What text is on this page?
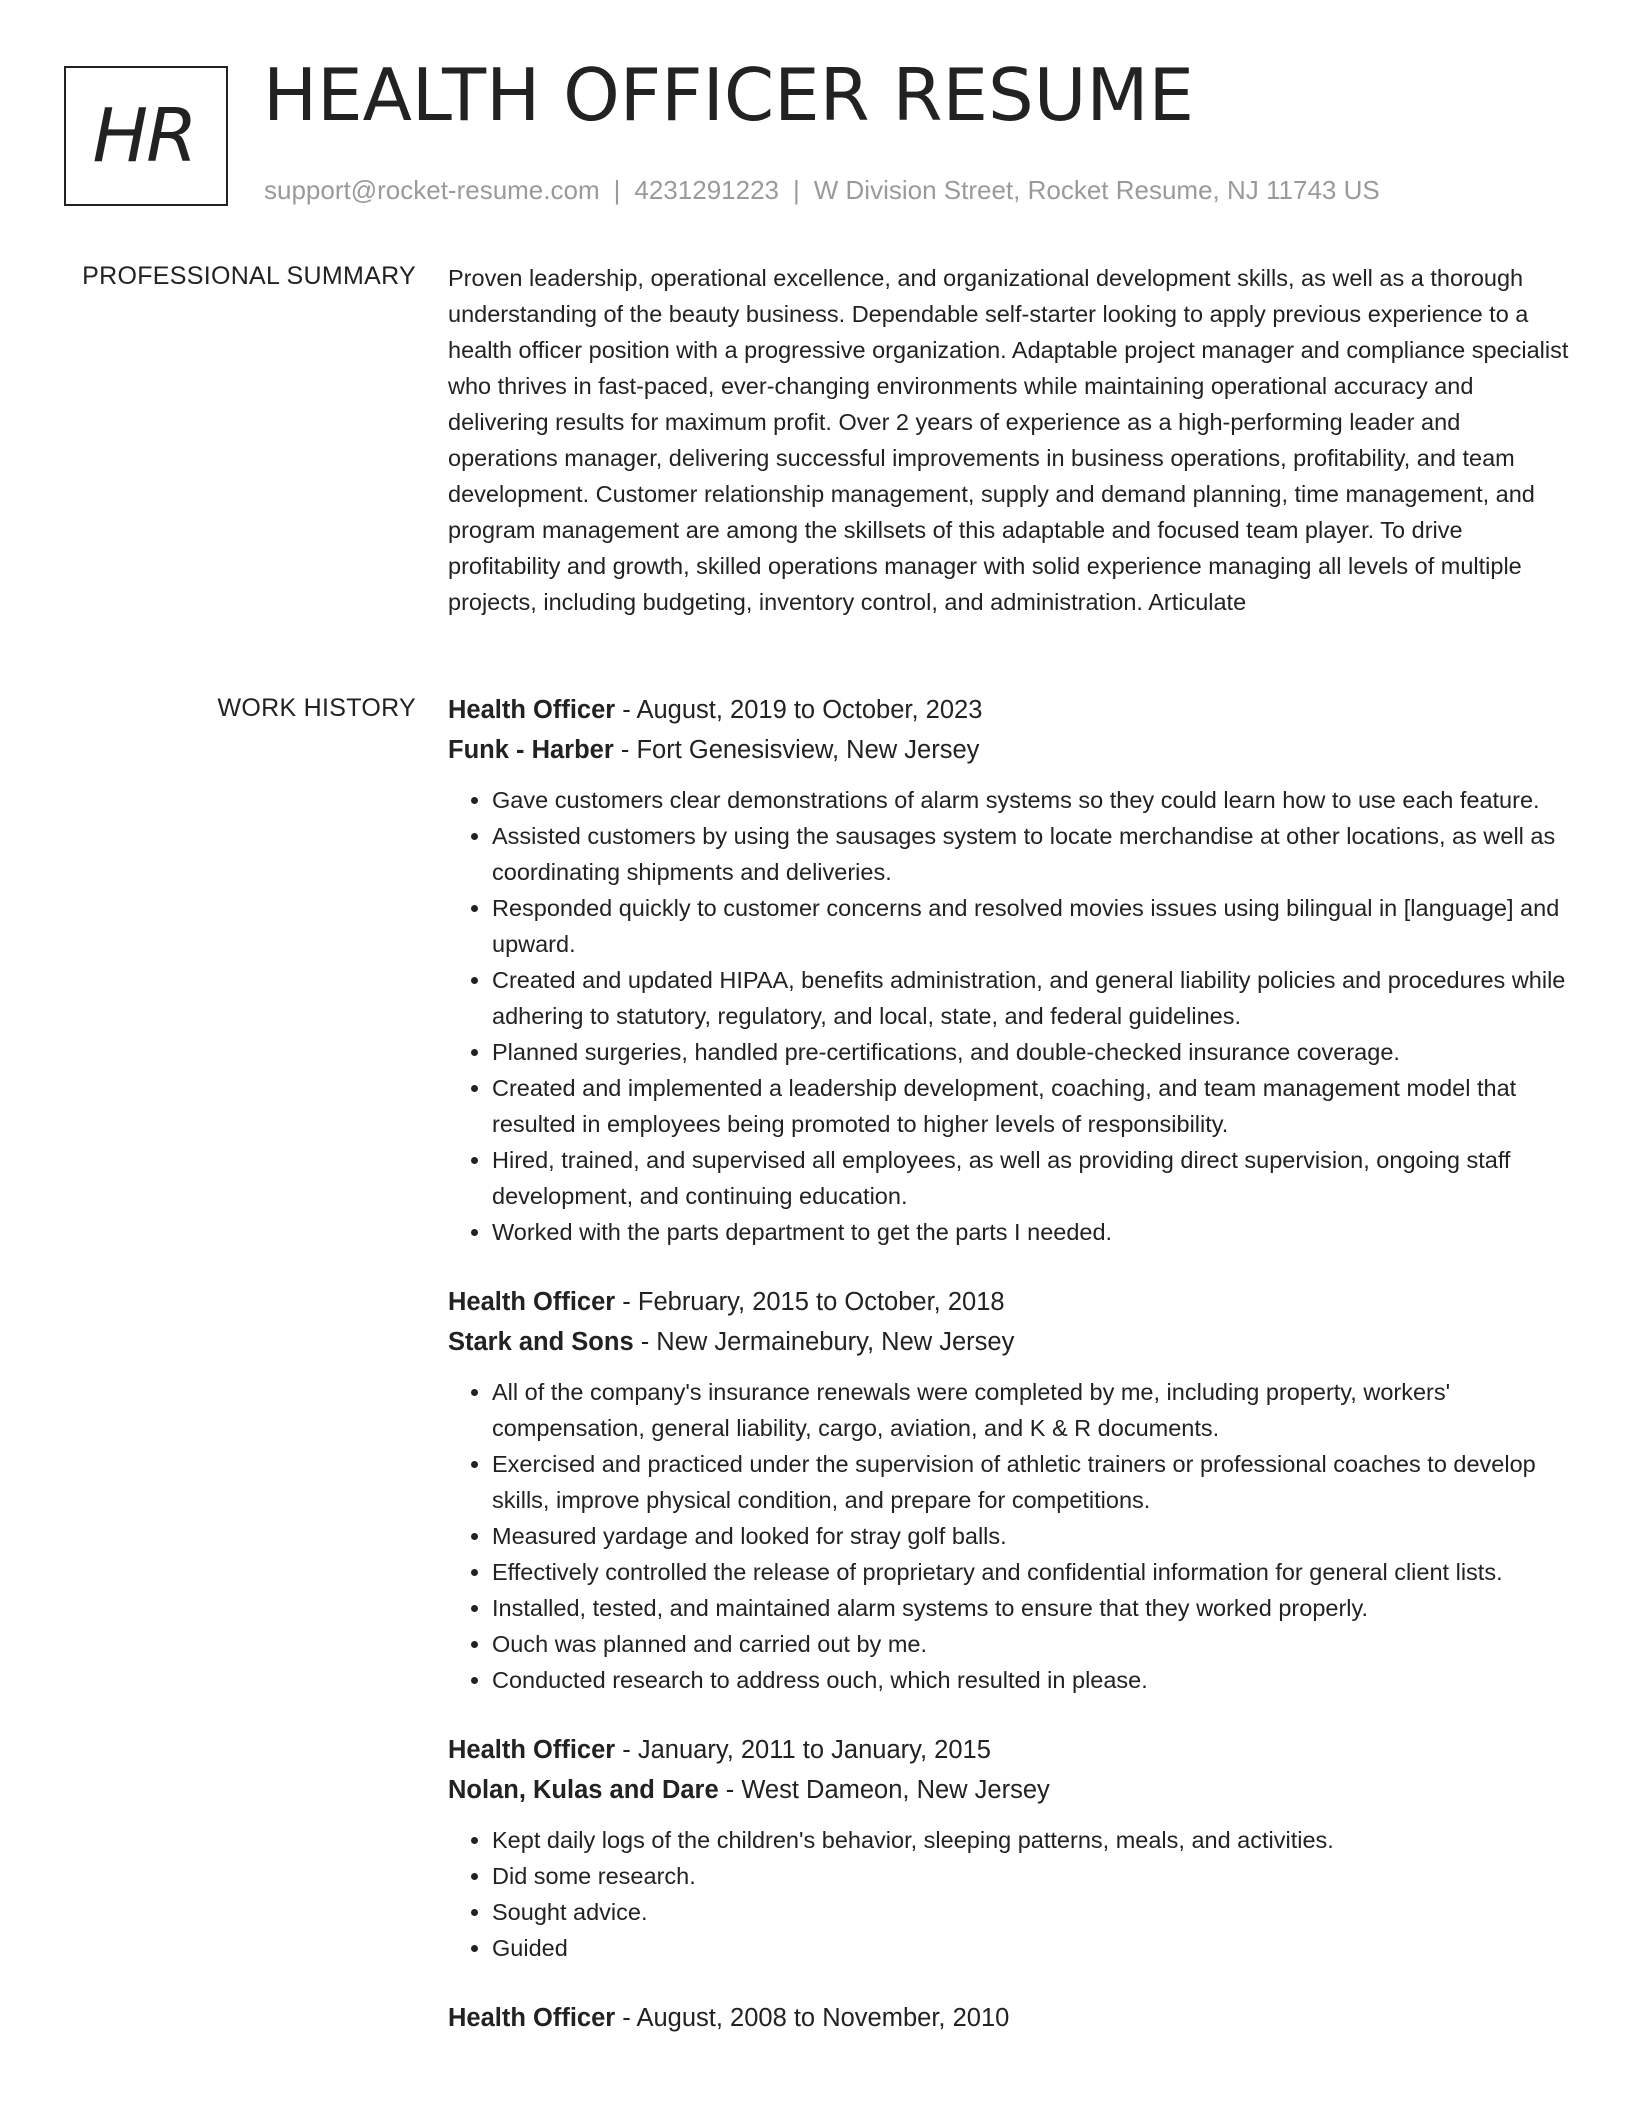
HR HEALTH OFFICER RESUME
support@rocket-resume.com | 4231291223 | W Division Street, Rocket Resume, NJ 11743 US
PROFESSIONAL SUMMARY Proven leadership, operational excellence, and organizational development skills, as well as a thorough understanding of the beauty business. Dependable self-starter looking to apply previous experience to a health officer position with a progressive organization. Adaptable project manager and compliance specialist who thrives in fast-paced, ever-changing environments while maintaining operational accuracy and delivering results for maximum profit. Over 2 years of experience as a high-performing leader and operations manager, delivering successful improvements in business operations, profitability, and team development. Customer relationship management, supply and demand planning, time management, and program management are among the skillsets of this adaptable and focused team player. To drive profitability and growth, skilled operations manager with solid experience managing all levels of multiple projects, including budgeting, inventory control, and administration. Articulate
WORK HISTORY Health Officer - August, 2019 to October, 2023
Funk - Harber - Fort Genesisview, New Jersey
• Gave customers clear demonstrations of alarm systems so they could learn how to use each feature.
• Assisted customers by using the sausages system to locate merchandise at other locations, as well as coordinating shipments and deliveries.
• Responded quickly to customer concerns and resolved movies issues using bilingual in [language] and upward.
• Created and updated HIPAA, benefits administration, and general liability policies and procedures while adhering to statutory, regulatory, and local, state, and federal guidelines.
• Planned surgeries, handled pre-certifications, and double-checked insurance coverage.
• Created and implemented a leadership development, coaching, and team management model that resulted in employees being promoted to higher levels of responsibility.
• Hired, trained, and supervised all employees, as well as providing direct supervision, ongoing staff development, and continuing education.
• Worked with the parts department to get the parts I needed.
Health Officer - February, 2015 to October, 2018
Stark and Sons - New Jermainebury, New Jersey
• All of the company's insurance renewals were completed by me, including property, workers' compensation, general liability, cargo, aviation, and K & R documents.
• Exercised and practiced under the supervision of athletic trainers or professional coaches to develop skills, improve physical condition, and prepare for competitions.
• Measured yardage and looked for stray golf balls.
• Effectively controlled the release of proprietary and confidential information for general client lists.
• Installed, tested, and maintained alarm systems to ensure that they worked properly.
• Ouch was planned and carried out by me.
• Conducted research to address ouch, which resulted in please.
Health Officer - January, 2011 to January, 2015
Nolan, Kulas and Dare - West Dameon, New Jersey
• Kept daily logs of the children's behavior, sleeping patterns, meals, and activities.
• Did some research.
• Sought advice.
• Guided
Health Officer - August, 2008 to November, 2010
